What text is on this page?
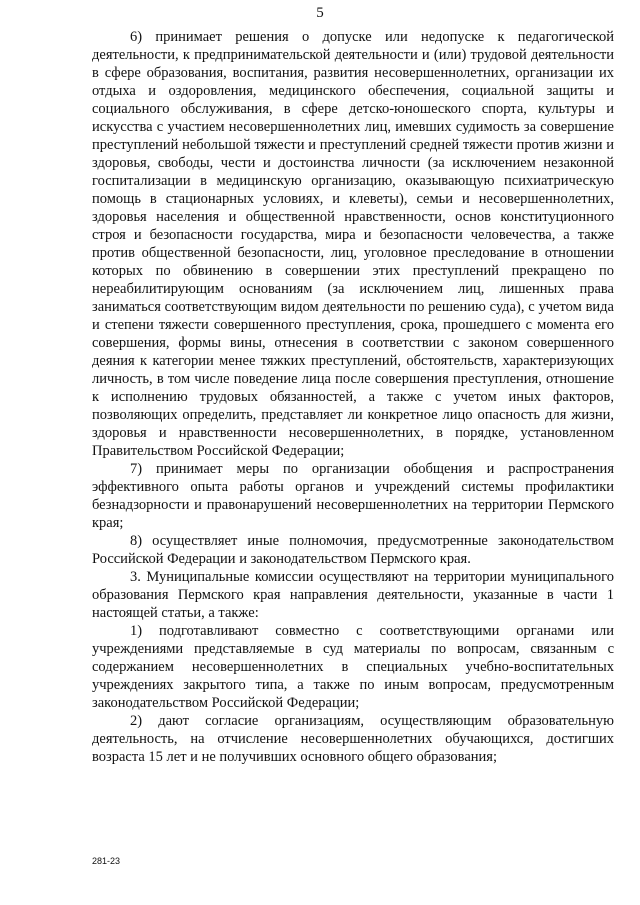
5

6) принимает решения о допуске или недопуске к педагогической деятельности, к предпринимательской деятельности и (или) трудовой деятельности в сфере образования, воспитания, развития несовершеннолетних, организации их отдыха и оздоровления, медицинского обеспечения, социальной защиты и социального обслуживания, в сфере детско-юношеского спорта, культуры и искусства с участием несовершеннолетних лиц, имевших судимость за совершение преступлений небольшой тяжести и преступлений средней тяжести против жизни и здоровья, свободы, чести и достоинства личности (за исключением незаконной госпитализации в медицинскую организацию, оказывающую психиатрическую помощь в стационарных условиях, и клеветы), семьи и несовершеннолетних, здоровья населения и общественной нравственности, основ конституционного строя и безопасности государства, мира и безопасности человечества, а также против общественной безопасности, лиц, уголовное преследование в отношении которых по обвинению в совершении этих преступлений прекращено по нереабилитирующим основаниям (за исключением лиц, лишенных права заниматься соответствующим видом деятельности по решению суда), с учетом вида и степени тяжести совершенного преступления, срока, прошедшего с момента его совершения, формы вины, отнесения в соответствии с законом совершенного деяния к категории менее тяжких преступлений, обстоятельств, характеризующих личность, в том числе поведение лица после совершения преступления, отношение к исполнению трудовых обязанностей, а также с учетом иных факторов, позволяющих определить, представляет ли конкретное лицо опасность для жизни, здоровья и нравственности несовершеннолетних, в порядке, установленном Правительством Российской Федерации;

7) принимает меры по организации обобщения и распространения эффективного опыта работы органов и учреждений системы профилактики безнадзорности и правонарушений несовершеннолетних на территории Пермского края;

8) осуществляет иные полномочия, предусмотренные законодательством Российской Федерации и законодательством Пермского края.

3. Муниципальные комиссии осуществляют на территории муниципального образования Пермского края направления деятельности, указанные в части 1 настоящей статьи, а также:

1) подготавливают совместно с соответствующими органами или учреждениями представляемые в суд материалы по вопросам, связанным с содержанием несовершеннолетних в специальных учебно-воспитательных учреждениях закрытого типа, а также по иным вопросам, предусмотренным законодательством Российской Федерации;

2) дают согласие организациям, осуществляющим образовательную деятельность, на отчисление несовершеннолетних обучающихся, достигших возраста 15 лет и не получивших основного общего образования;

281-23
